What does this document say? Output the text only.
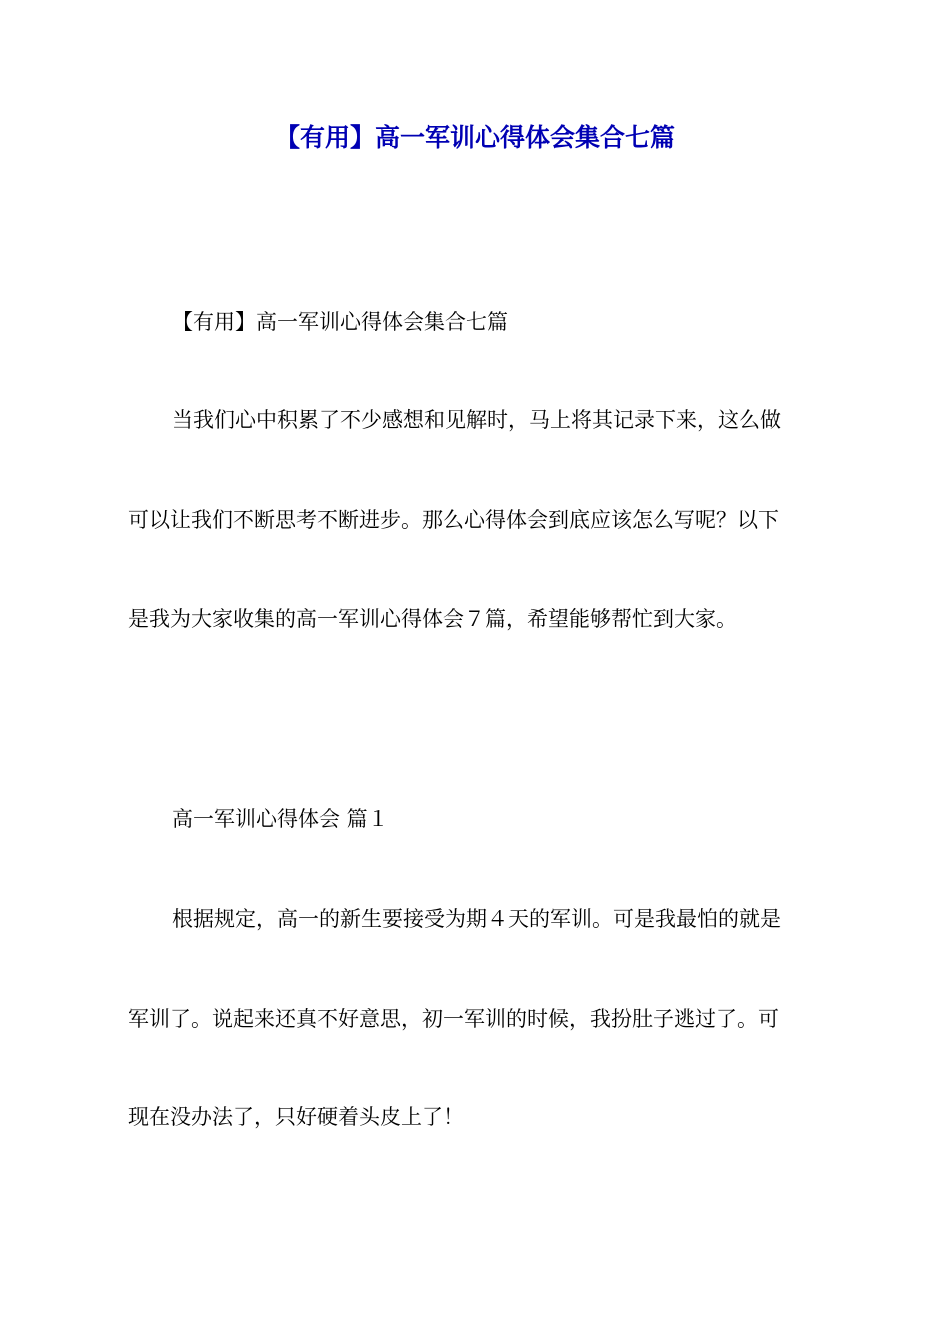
【有用】高一军训心得体会集合七篇

【有用】高一军训心得体会集合七篇

当我们心中积累了不少感想和见解时，马上将其记录下来，这么做

可以让我们不断思考不断进步。那么心得体会到底应该怎么写呢？以下

是我为大家收集的高一军训心得体会７篇，希望能够帮忙到大家。

高一军训心得体会 篇１

根据规定，高一的新生要接受为期４天的军训。可是我最怕的就是

军训了。说起来还真不好意思，初一军训的时候，我扮肚子逃过了。可

现在没办法了，只好硬着头皮上了！
